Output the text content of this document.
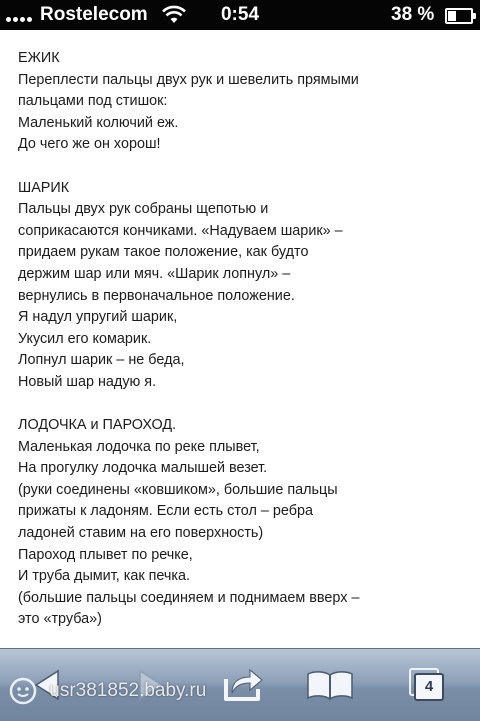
Rostelecom	0:54	38 %

ЕЖИК
Переплести пальцы двух рук и шевелить прямыми
пальцами под стишок:
Маленький колючий еж.
До чего же он хорош!

ШАРИК
Пальцы двух рук собраны щепотью и
соприкасаются кончиками. «Надуваем шарик» –
придаем рукам такое положение, как будто
держим шар или мяч. «Шарик лопнул» –
вернулись в первоначальное положение.
Я надул упругий шарик,
Укусил его комарик.
Лопнул шарик – не беда,
Новый шар надую я.

ЛОДОЧКА и ПАРОХОД.
Маленькая лодочка по реке плывет,
На прогулку лодочка малышей везет.
(руки соединены «ковшиком», большие пальцы
прижаты к ладоням. Если есть стол – ребра
ладоней ставим на его поверхность)
Пароход плывет по речке,
И труба дымит, как печка.
(большие пальцы соединяем и поднимаем вверх –
это «труба»)

4
usr381852.baby.ru
